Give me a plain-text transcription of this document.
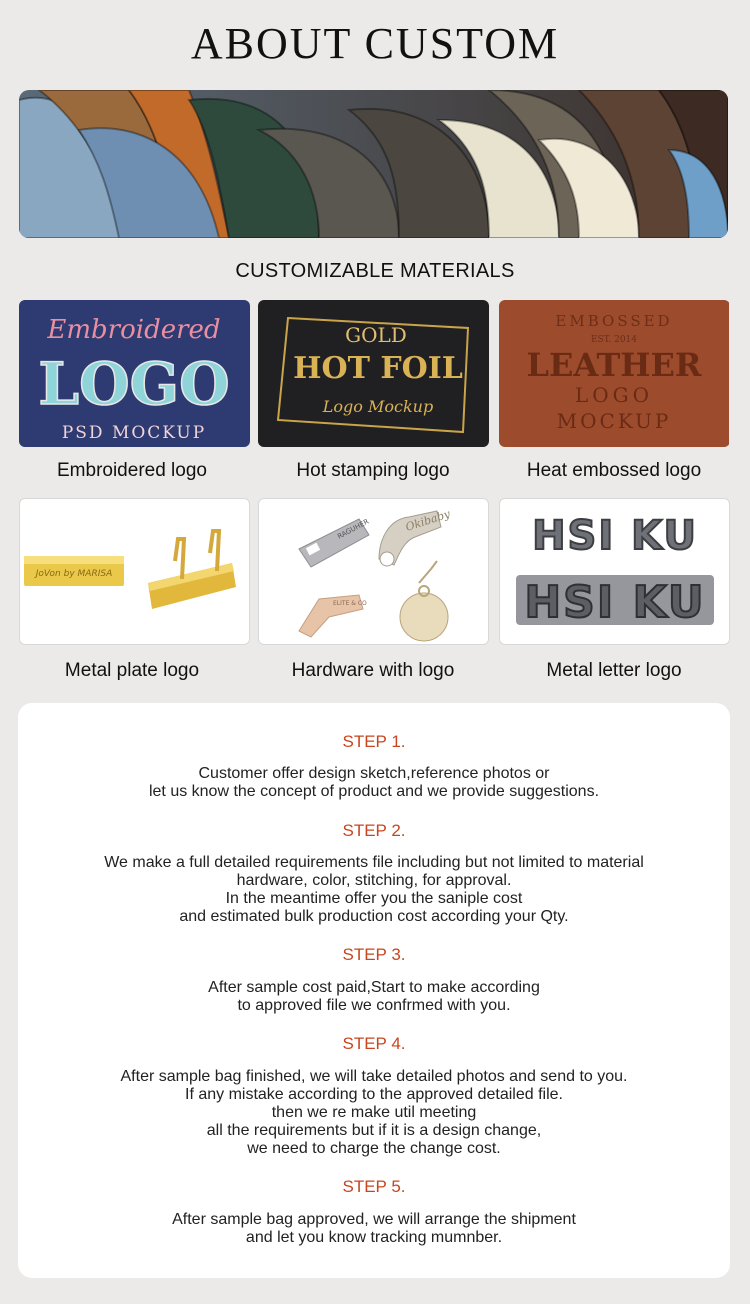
ABOUT CUSTOM
CUSTOMIZABLE MATERIALS
Embroidered
LOGO
PSD MOCKUP
GOLD
HOT FOIL
Logo Mockup
EMBOSSED
EST. 2014
LEATHER
LOGO
MOCKUP
Embroidered logo	Hot stamping logo	Heat embossed logo
JoVon by MARISA
RAGUHER	Okibaby
ELITE & CO
HSI KU
HSI KU
Metal plate logo	Hardware with logo	Metal letter logo
STEP 1.
Customer offer design sketch,reference photos or
let us know the concept of product and we provide suggestions.
STEP 2.
We make a full detailed requirements file including but not limited to material
hardware, color, stitching, for approval.
In the meantime offer you the saniple cost
and estimated bulk production cost according your Qty.
STEP 3.
After sample cost paid,Start to make according
to approved file we confrmed with you.
STEP 4.
After sample bag finished, we will take detailed photos and send to you.
If any mistake according to the approved detailed file.
then we re make util meeting
all the requirements but if it is a design change,
we need to charge the change cost.
STEP 5.
After sample bag approved, we will arrange the shipment
and let you know tracking mumnber.
